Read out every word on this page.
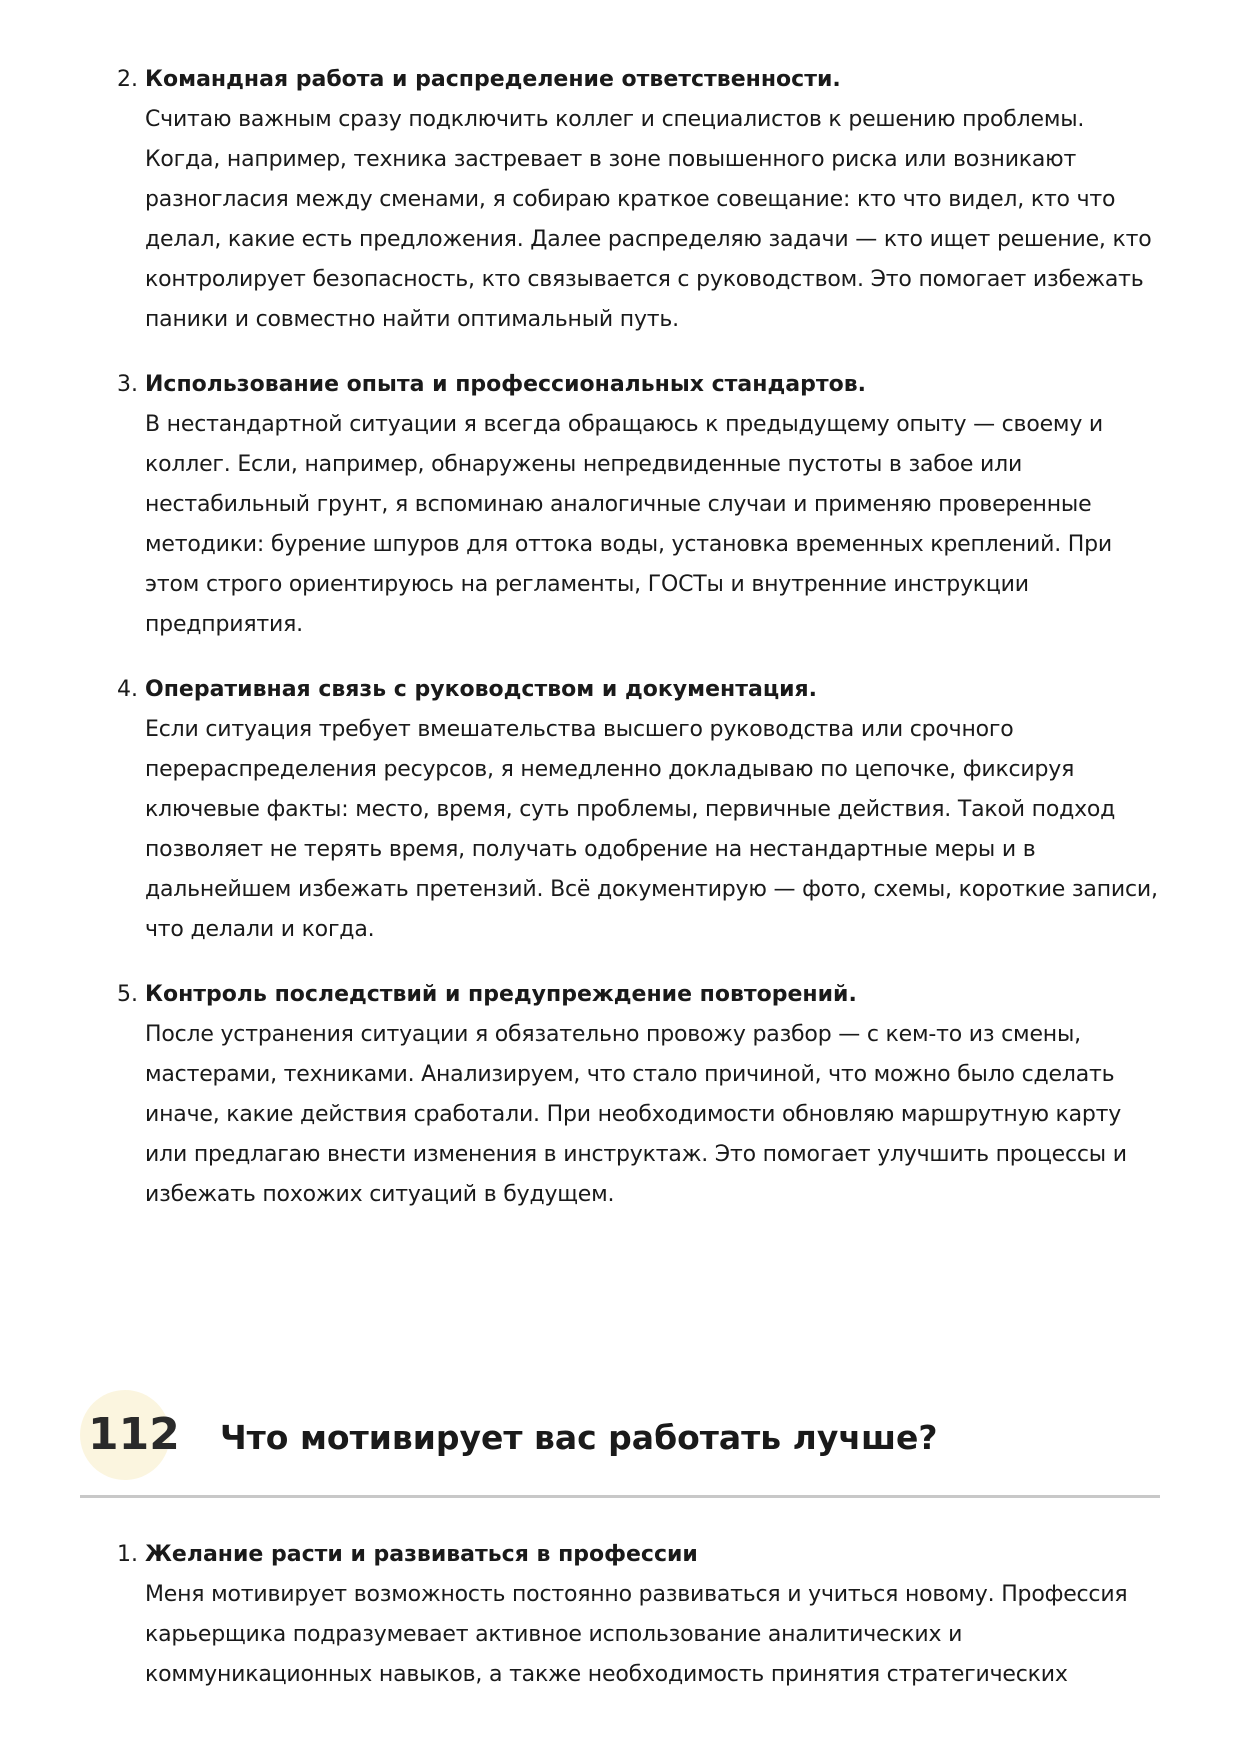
2. Командная работа и распределение ответственности.
Считаю важным сразу подключить коллег и специалистов к решению проблемы.
Когда, например, техника застревает в зоне повышенного риска или возникают
разногласия между сменами, я собираю краткое совещание: кто что видел, кто что
делал, какие есть предложения. Далее распределяю задачи — кто ищет решение, кто
контролирует безопасность, кто связывается с руководством. Это помогает избежать
паники и совместно найти оптимальный путь.
3. Использование опыта и профессиональных стандартов.
В нестандартной ситуации я всегда обращаюсь к предыдущему опыту — своему и
коллег. Если, например, обнаружены непредвиденные пустоты в забое или
нестабильный грунт, я вспоминаю аналогичные случаи и применяю проверенные
методики: бурение шпуров для оттока воды, установка временных креплений. При
этом строго ориентируюсь на регламенты, ГОСТы и внутренние инструкции
предприятия.
4. Оперативная связь с руководством и документация.
Если ситуация требует вмешательства высшего руководства или срочного
перераспределения ресурсов, я немедленно докладываю по цепочке, фиксируя
ключевые факты: место, время, суть проблемы, первичные действия. Такой подход
позволяет не терять время, получать одобрение на нестандартные меры и в
дальнейшем избежать претензий. Всё документирую — фото, схемы, короткие записи,
что делали и когда.
5. Контроль последствий и предупреждение повторений.
После устранения ситуации я обязательно провожу разбор — с кем-то из смены,
мастерами, техниками. Анализируем, что стало причиной, что можно было сделать
иначе, какие действия сработали. При необходимости обновляю маршрутную карту
или предлагаю внести изменения в инструктаж. Это помогает улучшить процессы и
избежать похожих ситуаций в будущем.
112 Что мотивирует вас работать лучше?
1. Желание расти и развиваться в профессии
Меня мотивирует возможность постоянно развиваться и учиться новому. Профессия
карьерщика подразумевает активное использование аналитических и
коммуникационных навыков, а также необходимость принятия стратегических
